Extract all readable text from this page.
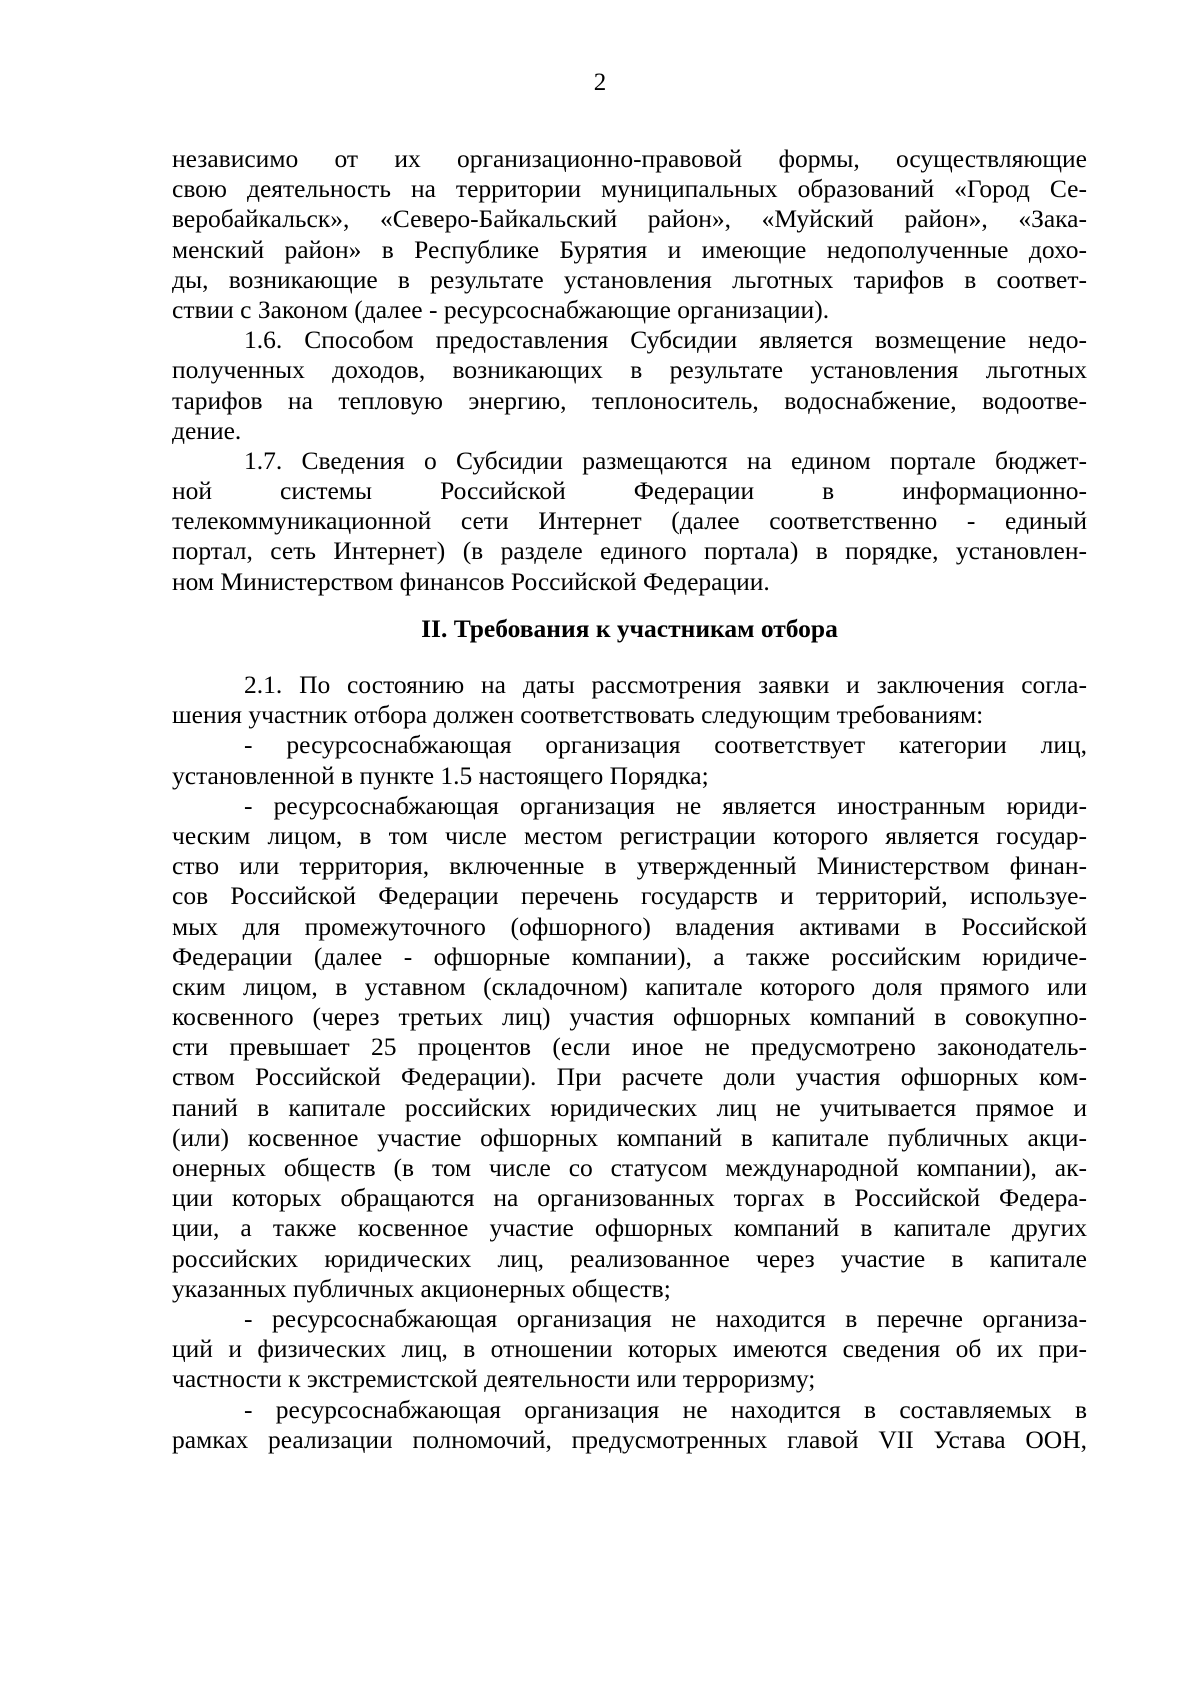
2
независимо от их организационно-правовой формы, осуществляющие
свою деятельность на территории муниципальных образований «Город Се-
веробайкальск», «Северо-Байкальский район», «Муйский район», «Зака-
менский район» в Республике Бурятия и имеющие недополученные дохо-
ды, возникающие в результате установления льготных тарифов в соответ-
ствии с Законом (далее - ресурсоснабжающие организации).
1.6. Способом предоставления Субсидии является возмещение недо-
полученных доходов, возникающих в результате установления льготных
тарифов на тепловую энергию, теплоноситель, водоснабжение, водоотве-
дение.
1.7. Сведения о Субсидии размещаются на едином портале бюджет-
ной системы Российской Федерации в информационно-
телекоммуникационной сети Интернет (далее соответственно - единый
портал, сеть Интернет) (в разделе единого портала) в порядке, установлен-
ном Министерством финансов Российской Федерации.
II. Требования к участникам отбора
2.1. По состоянию на даты рассмотрения заявки и заключения согла-
шения участник отбора должен соответствовать следующим требованиям:
- ресурсоснабжающая организация соответствует категории лиц,
установленной в пункте 1.5 настоящего Порядка;
- ресурсоснабжающая организация не является иностранным юриди-
ческим лицом, в том числе местом регистрации которого является государ-
ство или территория, включенные в утвержденный Министерством финан-
сов Российской Федерации перечень государств и территорий, используе-
мых для промежуточного (офшорного) владения активами в Российской
Федерации (далее - офшорные компании), а также российским юридиче-
ским лицом, в уставном (складочном) капитале которого доля прямого или
косвенного (через третьих лиц) участия офшорных компаний в совокупно-
сти превышает 25 процентов (если иное не предусмотрено законодатель-
ством Российской Федерации). При расчете доли участия офшорных ком-
паний в капитале российских юридических лиц не учитывается прямое и
(или) косвенное участие офшорных компаний в капитале публичных акци-
онерных обществ (в том числе со статусом международной компании), ак-
ции которых обращаются на организованных торгах в Российской Федера-
ции, а также косвенное участие офшорных компаний в капитале других
российских юридических лиц, реализованное через участие в капитале
указанных публичных акционерных обществ;
- ресурсоснабжающая организация не находится в перечне организа-
ций и физических лиц, в отношении которых имеются сведения об их при-
частности к экстремистской деятельности или терроризму;
- ресурсоснабжающая организация не находится в составляемых в
рамках реализации полномочий, предусмотренных главой VII Устава ООН,
